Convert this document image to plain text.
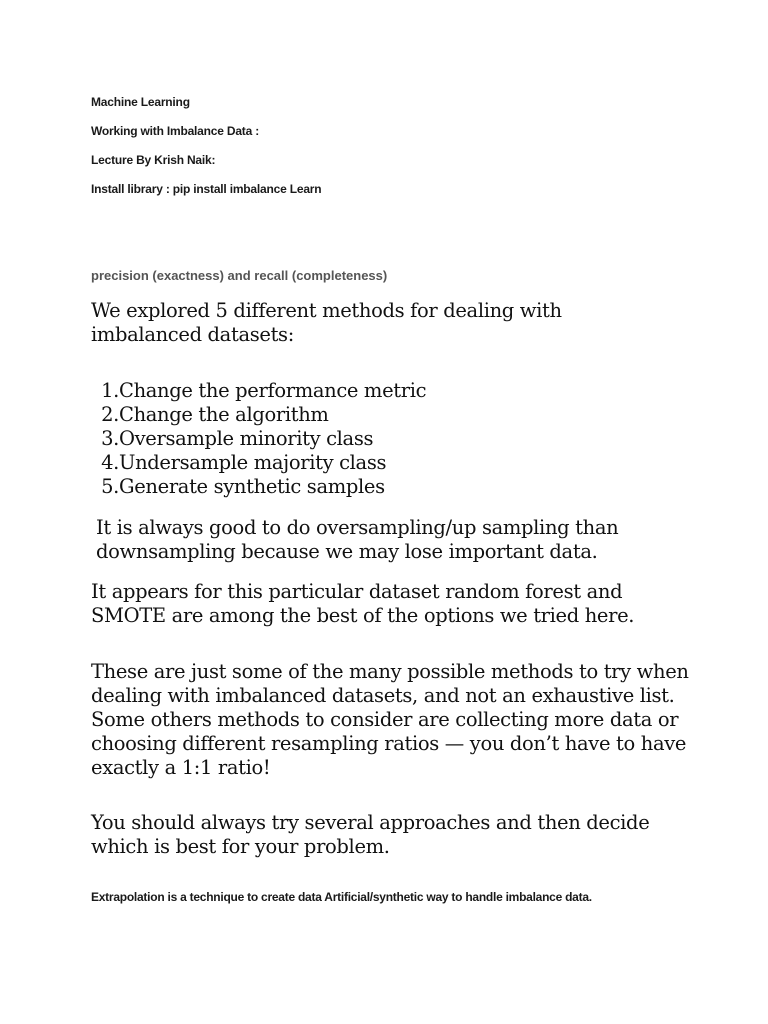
Machine Learning
Working with Imbalance Data :
Lecture By Krish Naik:
Install library : pip install imbalance Learn
precision (exactness) and recall (completeness)

We explored 5 different methods for dealing with imbalanced datasets:

1. Change the performance metric
2. Change the algorithm
3. Oversample minority class
4. Undersample majority class
5. Generate synthetic samples

It is always good to do oversampling/up sampling than downsampling because we may lose important data.

It appears for this particular dataset random forest and SMOTE are among the best of the options we tried here.

These are just some of the many possible methods to try when dealing with imbalanced datasets, and not an exhaustive list. Some others methods to consider are collecting more data or choosing different resampling ratios — you don’t have to have exactly a 1:1 ratio!

You should always try several approaches and then decide which is best for your problem.

Extrapolation is a technique to create data Artificial/synthetic way to handle imbalance data.
